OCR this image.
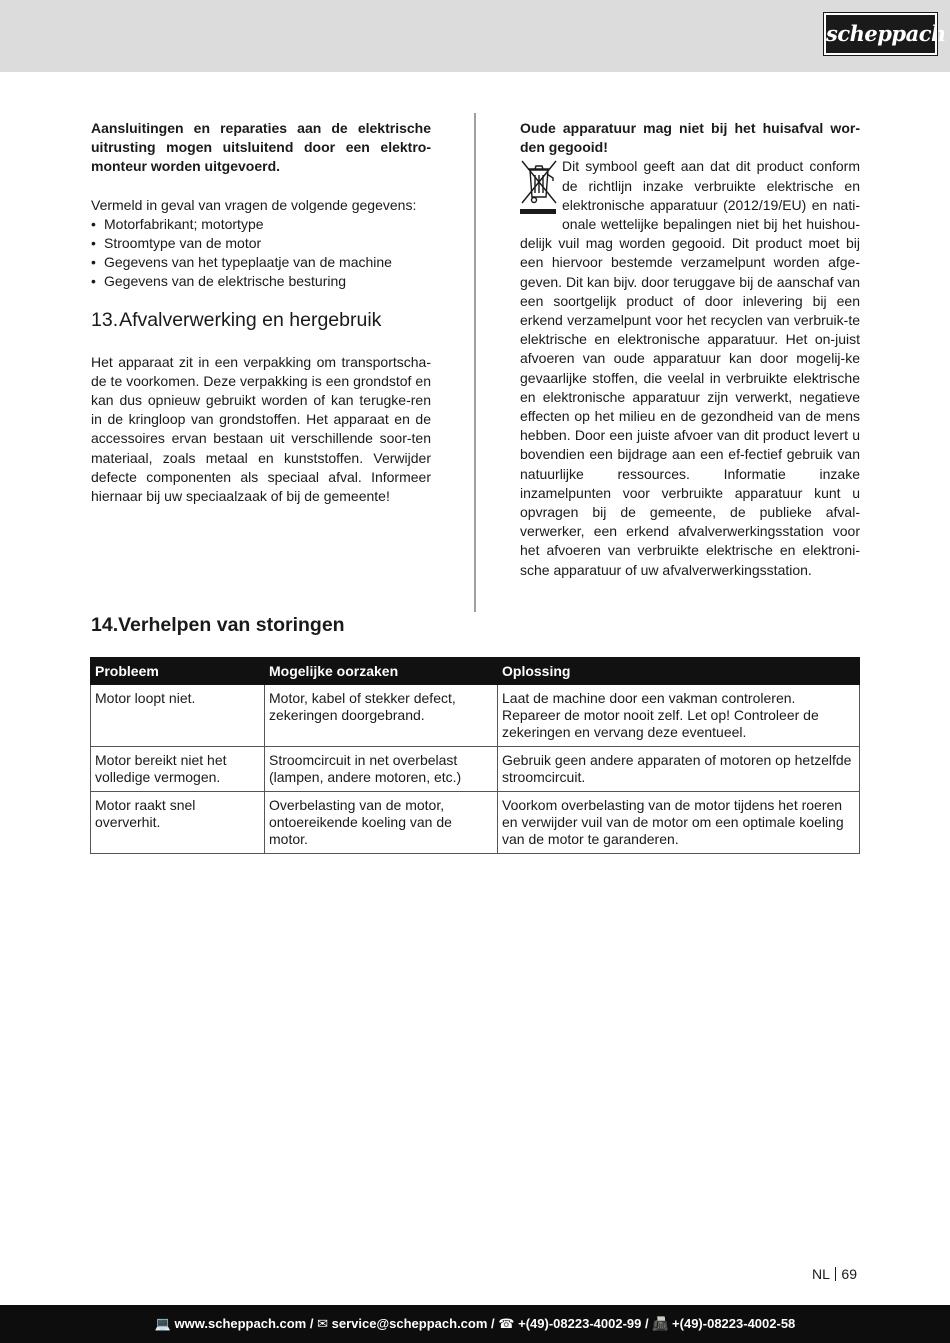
scheppach

Aansluitingen en reparaties aan de elektrische uitrusting mogen uitsluitend door een elektro-monteur worden uitgevoerd.

Vermeld in geval van vragen de volgende gegevens:

• Motorfabrikant; motortype
• Stroomtype van de motor
• Gegevens van het typeplaatje van de machine
• Gegevens van de elektrische besturing
13.Afvalverwerking en hergebruik

Het apparaat zit in een verpakking om transportscha-de te voorkomen. Deze verpakking is een grondstof en kan dus opnieuw gebruikt worden of kan terugke-ren in de kringloop van grondstoffen. Het apparaat en de accessoires ervan bestaan uit verschillende soor-ten materiaal, zoals metaal en kunststoffen. Verwijder defecte componenten als speciaal afval. Informeer hiernaar bij uw speciaalzaak of bij de gemeente!

Oude apparatuur mag niet bij het huisafval wor-den gegooid!

Dit symbool geeft aan dat dit product conform de richtlijn inzake verbruikte elektrische en elektronische apparatuur (2012/19/EU) en nati-onale wettelijke bepalingen niet bij het huishou-delijk vuil mag worden gegooid. Dit product moet bij een hiervoor bestemde verzamelpunt worden afge-geven. Dit kan bijv. door teruggave bij de aanschaf van een soortgelijk product of door inlevering bij een erkend verzamelpunt voor het recyclen van verbruik-te elektrische en elektronische apparatuur. Het on-juist afvoeren van oude apparatuur kan door mogelij-ke gevaarlijke stoffen, die veelal in verbruikte elektrische en elektronische apparatuur zijn verwerkt, negatieve effecten op het milieu en de gezondheid van de mens hebben. Door een juiste afvoer van dit product levert u bovendien een bijdrage aan een ef-fectief gebruik van natuurlijke ressources. Informatie inzake inzamelpunten voor verbruikte apparatuur kunt u opvragen bij de gemeente, de publieke afval-verwerker, een erkend afvalverwerkingsstation voor het afvoeren van verbruikte elektrische en elektroni-sche apparatuur of uw afvalverwerkingsstation.

14.Verhelpen van storingen
Probleem	Mogelijke oorzaken	Oplossing
Motor loopt niet.	Motor, kabel of stekker defect, zekeringen doorgebrand.	Laat de machine door een vakman controleren. Repareer de motor nooit zelf. Let op! Controleer de zekeringen en vervang deze eventueel.
Motor bereikt niet het volledige vermogen.	Stroomcircuit in net overbelast (lampen, andere motoren, etc.)	Gebruik geen andere apparaten of motoren op hetzelfde stroomcircuit.
Motor raakt snel oververhit.	Overbelasting van de motor, ontoereikende koeling van de motor.	Voorkom overbelasting van de motor tijdens het roeren en verwijder vuil van de motor om een optimale koeling van de motor te garanderen.
NL 69
💻 www.scheppach.com / ✉ service@scheppach.com / ☎ +(49)-08223-4002-99 / 📠 +(49)-08223-4002-58
